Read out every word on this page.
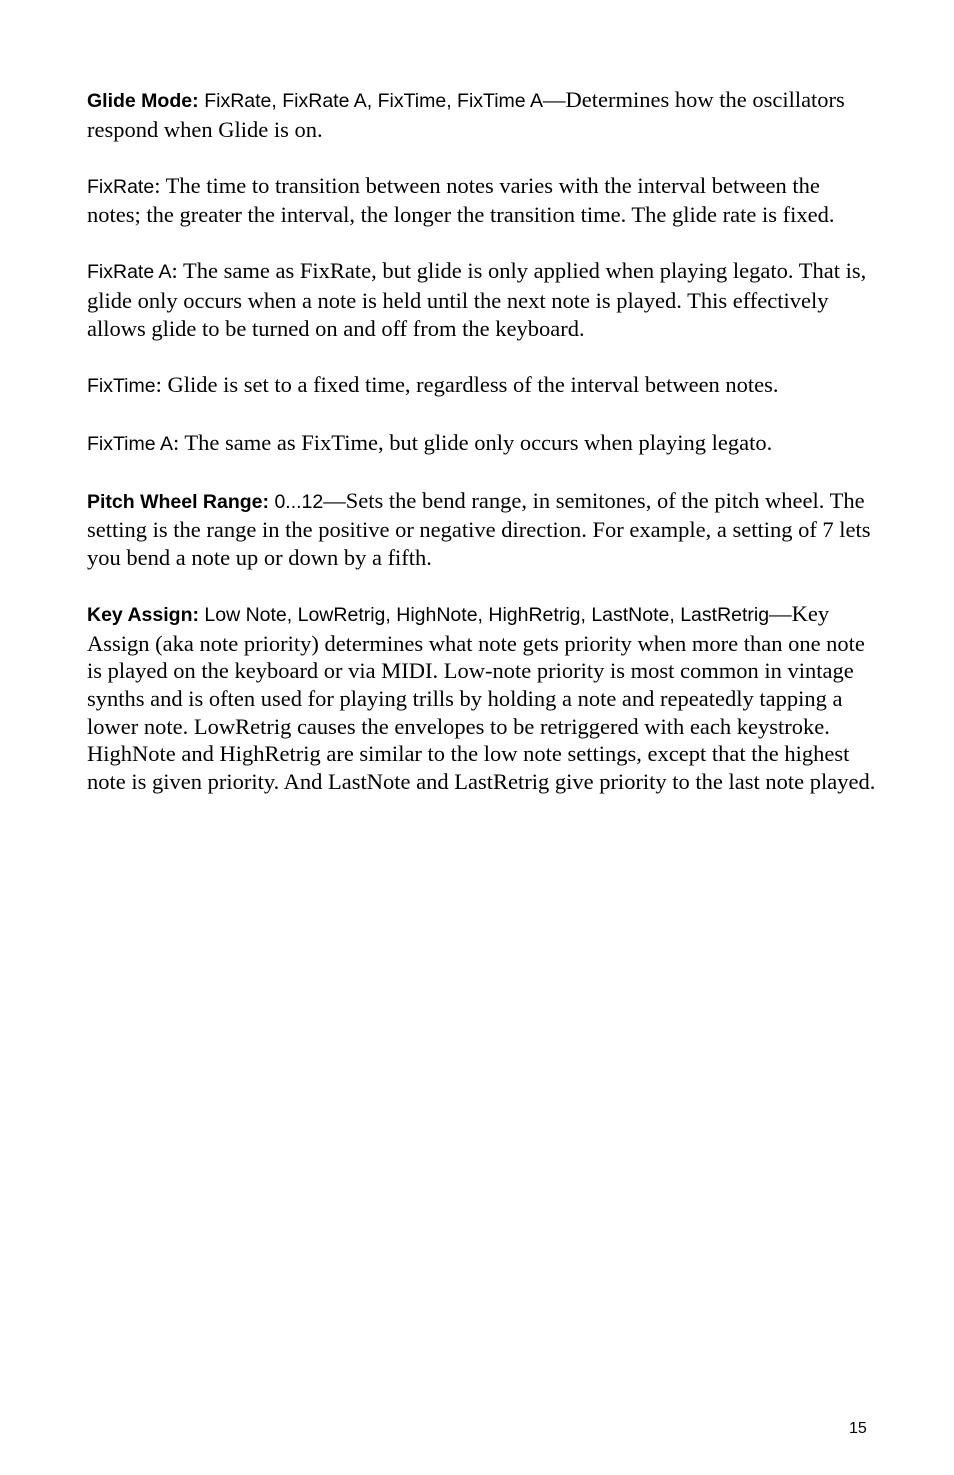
Glide Mode: FixRate, FixRate A, FixTime, FixTime A—Determines how the oscillators respond when Glide is on.

FixRate: The time to transition between notes varies with the interval between the notes; the greater the interval, the longer the transition time. The glide rate is fixed.

FixRate A: The same as FixRate, but glide is only applied when playing legato. That is, glide only occurs when a note is held until the next note is played. This effectively allows glide to be turned on and off from the keyboard.

FixTime: Glide is set to a fixed time, regardless of the interval between notes.

FixTime A: The same as FixTime, but glide only occurs when playing legato.

Pitch Wheel Range: 0...12—Sets the bend range, in semitones, of the pitch wheel. The setting is the range in the positive or negative direction. For example, a setting of 7 lets you bend a note up or down by a fifth.

Key Assign: Low Note, LowRetrig, HighNote, HighRetrig, LastNote, LastRetrig—Key Assign (aka note priority) determines what note gets priority when more than one note is played on the keyboard or via MIDI. Low-note priority is most common in vintage synths and is often used for playing trills by holding a note and repeatedly tapping a lower note. LowRetrig causes the envelopes to be retriggered with each keystroke. HighNote and HighRetrig are similar to the low note settings, except that the highest note is given priority. And LastNote and LastRetrig give priority to the last note played.

15
